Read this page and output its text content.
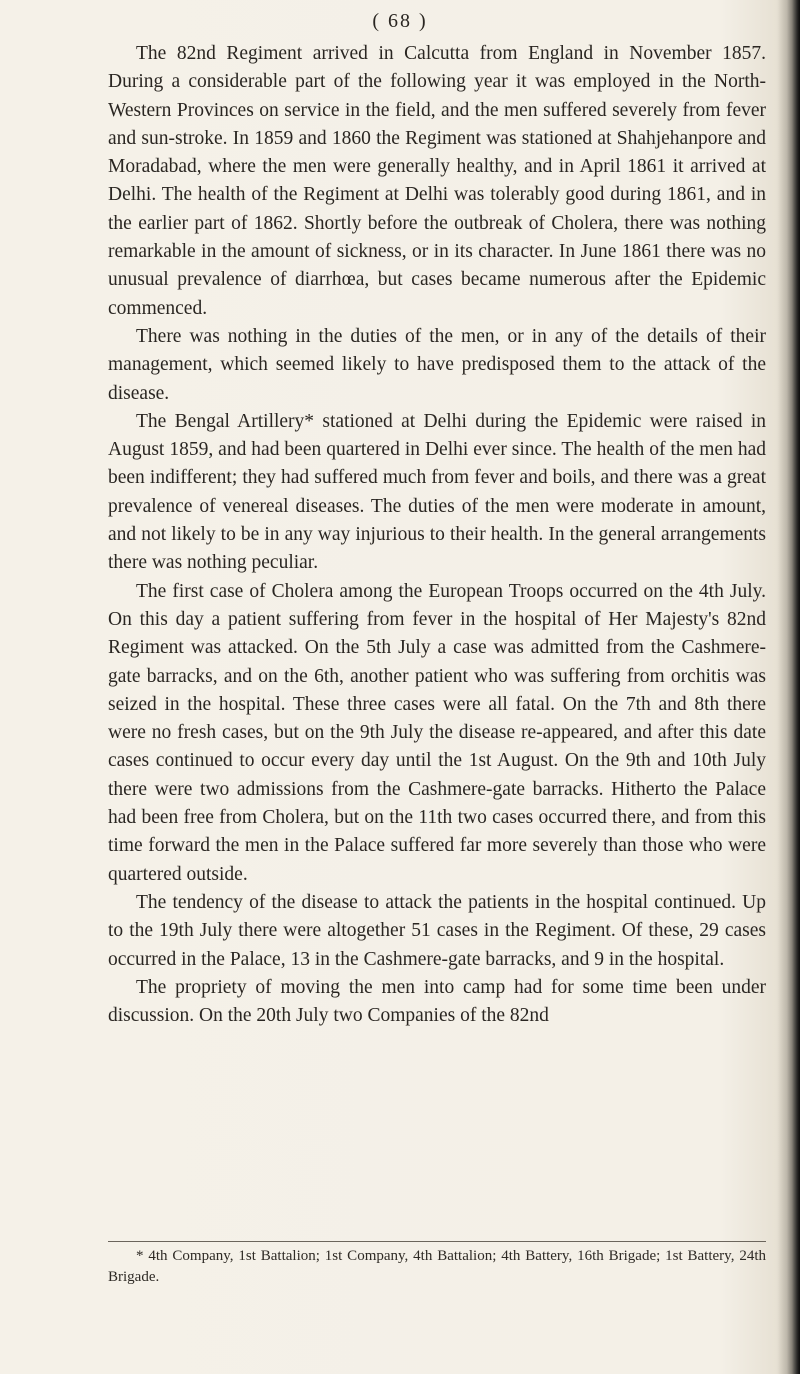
( 68 )

The 82nd Regiment arrived in Calcutta from England in November 1857. During a considerable part of the following year it was employed in the North-Western Provinces on service in the field, and the men suffered severely from fever and sun-stroke. In 1859 and 1860 the Regiment was stationed at Shahjehanpore and Moradabad, where the men were generally healthy, and in April 1861 it arrived at Delhi. The health of the Regiment at Delhi was tolerably good during 1861, and in the earlier part of 1862. Shortly before the outbreak of Cholera, there was nothing remarkable in the amount of sickness, or in its character. In June 1861 there was no unusual prevalence of diarrhœa, but cases became numerous after the Epidemic commenced.

There was nothing in the duties of the men, or in any of the details of their management, which seemed likely to have predisposed them to the attack of the disease.

The Bengal Artillery* stationed at Delhi during the Epidemic were raised in August 1859, and had been quartered in Delhi ever since. The health of the men had been indifferent; they had suffered much from fever and boils, and there was a great prevalence of venereal diseases. The duties of the men were moderate in amount, and not likely to be in any way injurious to their health. In the general arrangements there was nothing peculiar.

The first case of Cholera among the European Troops occurred on the 4th July. On this day a patient suffering from fever in the hospital of Her Majesty's 82nd Regiment was attacked. On the 5th July a case was admitted from the Cashmere-gate barracks, and on the 6th, another patient who was suffering from orchitis was seized in the hospital. These three cases were all fatal. On the 7th and 8th there were no fresh cases, but on the 9th July the disease re-appeared, and after this date cases continued to occur every day until the 1st August. On the 9th and 10th July there were two admissions from the Cashmere-gate barracks. Hitherto the Palace had been free from Cholera, but on the 11th two cases occurred there, and from this time forward the men in the Palace suffered far more severely than those who were quartered outside.

The tendency of the disease to attack the patients in the hospital continued. Up to the 19th July there were altogether 51 cases in the Regiment. Of these, 29 cases occurred in the Palace, 13 in the Cashmere-gate barracks, and 9 in the hospital.

The propriety of moving the men into camp had for some time been under discussion. On the 20th July two Companies of the 82nd

* 4th Company, 1st Battalion; 1st Company, 4th Battalion; 4th Battery, 16th Brigade; 1st Battery, 24th Brigade.
